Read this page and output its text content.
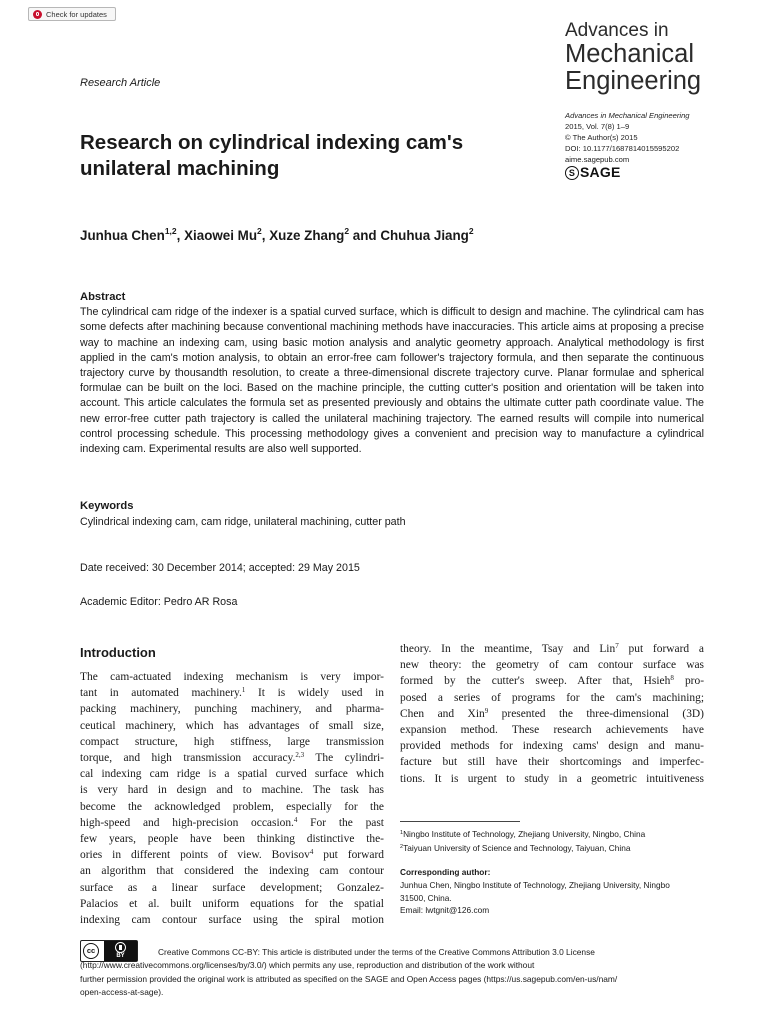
Check for updates
Advances in
Mechanical
Engineering
Advances in Mechanical Engineering
2015, Vol. 7(8) 1–9
© The Author(s) 2015
DOI: 10.1177/1687814015595202
aime.sagepub.com
S SAGE
Research Article
Research on cylindrical indexing cam's unilateral machining
Junhua Chen$^{1,2}$, Xiaowei Mu$^2$, Xuze Zhang$^2$ and Chuhua Jiang$^2$
Abstract

The cylindrical cam ridge of the indexer is a spatial curved surface, which is difficult to design and machine. The cylindrical cam has some defects after machining because conventional machining methods have inaccuracies. This article aims at proposing a precise way to machine an indexing cam, using basic motion analysis and analytic geometry approach. Analytical methodology is first applied in the cam's motion analysis, to obtain an error-free cam follower's trajectory formula, and then separate the continuous trajectory curve by thousandth resolution, to create a three-dimensional discrete trajectory curve. Planar formulae and spherical formulae can be built on the loci. Based on the machine principle, the cutting cutter's position and orientation will be taken into account. This article calculates the formula set as presented previously and obtains the ultimate cutter path coordinate value. The new error-free cutter path trajectory is called the unilateral machining trajectory. The earned results will compile into numerical control processing schedule. This processing methodology gives a convenient and precision way to manufacture a cylindrical indexing cam. Experimental results are also well supported.

Keywords

Cylindrical indexing cam, cam ridge, unilateral machining, cutter path

Date received: 30 December 2014; accepted: 29 May 2015
Academic Editor: Pedro AR Rosa
Introduction
The cam-actuated indexing mechanism is very impor-
tant in automated machinery.$^1$ It is widely used in
packing machinery, punching machinery, and pharma-
ceutical machinery, which has advantages of small size,
compact structure, high stiffness, large transmission
torque, and high transmission accuracy.$^{2,3}$ The cylindri-
cal indexing cam ridge is a spatial curved surface which
is very hard in design and to machine. The task has
become the acknowledged problem, especially for the
high-speed and high-precision occasion.$^4$ For the past
few years, people have been thinking distinctive the-
ories in different points of view. Bovisov$^4$ put forward
an algorithm that considered the indexing cam contour
surface as a linear surface development; Gonzalez-
Palacios et al. built uniform equations for the spatial
indexing cam contour surface using the spiral motion
theory. In the meantime, Tsay and Lin$^7$ put forward a
new theory: the geometry of cam contour surface was
formed by the cutter's sweep. After that, Hsieh$^8$ pro-
posed a series of programs for the cam's machining;
Chen and Xin$^9$ presented the three-dimensional (3D)
expansion method. These research achievements have
provided methods for indexing cams' design and manu-
facture but still have their shortcomings and imperfec-
tions. It is urgent to study in a geometric intuitiveness
$^1$Ningbo Institute of Technology, Zhejiang University, Ningbo, China
$^2$Taiyuan University of Science and Technology, Taiyuan, China
Corresponding author:
Junhua Chen, Ningbo Institute of Technology, Zhejiang University, Ningbo
31500, China.
Email: lwtgnit@126.com
cc
BY	Creative Commons CC-BY: This article is distributed under the terms of the Creative Commons Attribution 3.0 License
(http://www.creativecommons.org/licenses/by/3.0/) which permits any use, reproduction and distribution of the work without
further permission provided the original work is attributed as specified on the SAGE and Open Access pages (https://us.sagepub.com/en-us/nam/
open-access-at-sage).
